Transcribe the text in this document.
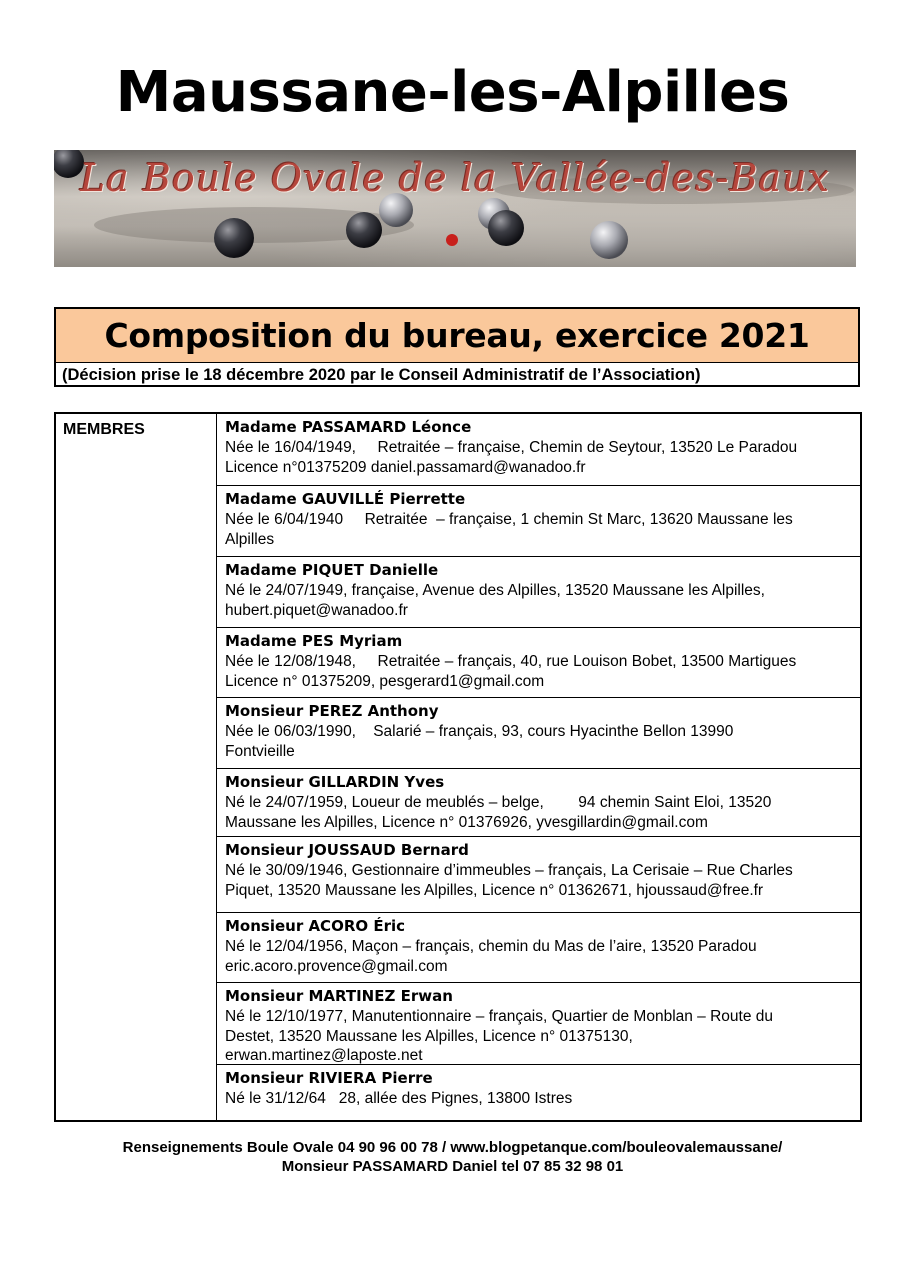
Maussane-les-Alpilles
La Boule Ovale de la Vallée-des-Baux
Composition du bureau, exercice 2021
(Décision prise le 18 décembre 2020 par le Conseil Administratif de l’Association)
MEMBRES	Madame PASSAMARD Léonce
Née le 16/04/1949,     Retraitée – française, Chemin de Seytour, 13520 Le Paradou
Licence n°01375209 daniel.passamard@wanadoo.fr
Madame GAUVILLÉ Pierrette
Née le 6/04/1940     Retraitée  – française, 1 chemin St Marc, 13620 Maussane les
Alpilles
Madame PIQUET Danielle
Né le 24/07/1949, française, Avenue des Alpilles, 13520 Maussane les Alpilles,
hubert.piquet@wanadoo.fr
Madame PES Myriam
Née le 12/08/1948,     Retraitée – français, 40, rue Louison Bobet, 13500 Martigues
Licence n° 01375209, pesgerard1@gmail.com
Monsieur PEREZ Anthony
Née le 06/03/1990,    Salarié – français, 93, cours Hyacinthe Bellon 13990
Fontvieille
Monsieur GILLARDIN Yves
Né le 24/07/1959, Loueur de meublés – belge,        94 chemin Saint Eloi, 13520
Maussane les Alpilles, Licence n° 01376926, yvesgillardin@gmail.com
Monsieur JOUSSAUD Bernard
Né le 30/09/1946, Gestionnaire d’immeubles – français, La Cerisaie – Rue Charles
Piquet, 13520 Maussane les Alpilles, Licence n° 01362671, hjoussaud@free.fr
Monsieur ACORO Éric
Né le 12/04/1956, Maçon – français, chemin du Mas de l’aire, 13520 Paradou
eric.acoro.provence@gmail.com
Monsieur MARTINEZ Erwan
Né le 12/10/1977, Manutentionnaire – français, Quartier de Monblan – Route du
Destet, 13520 Maussane les Alpilles, Licence n° 01375130,
erwan.martinez@laposte.net
Monsieur RIVIERA Pierre
Né le 31/12/64   28, allée des Pignes, 13800 Istres
Renseignements Boule Ovale 04 90 96 00 78 / www.blogpetanque.com/bouleovalemaussane/
Monsieur PASSAMARD Daniel tel 07 85 32 98 01
